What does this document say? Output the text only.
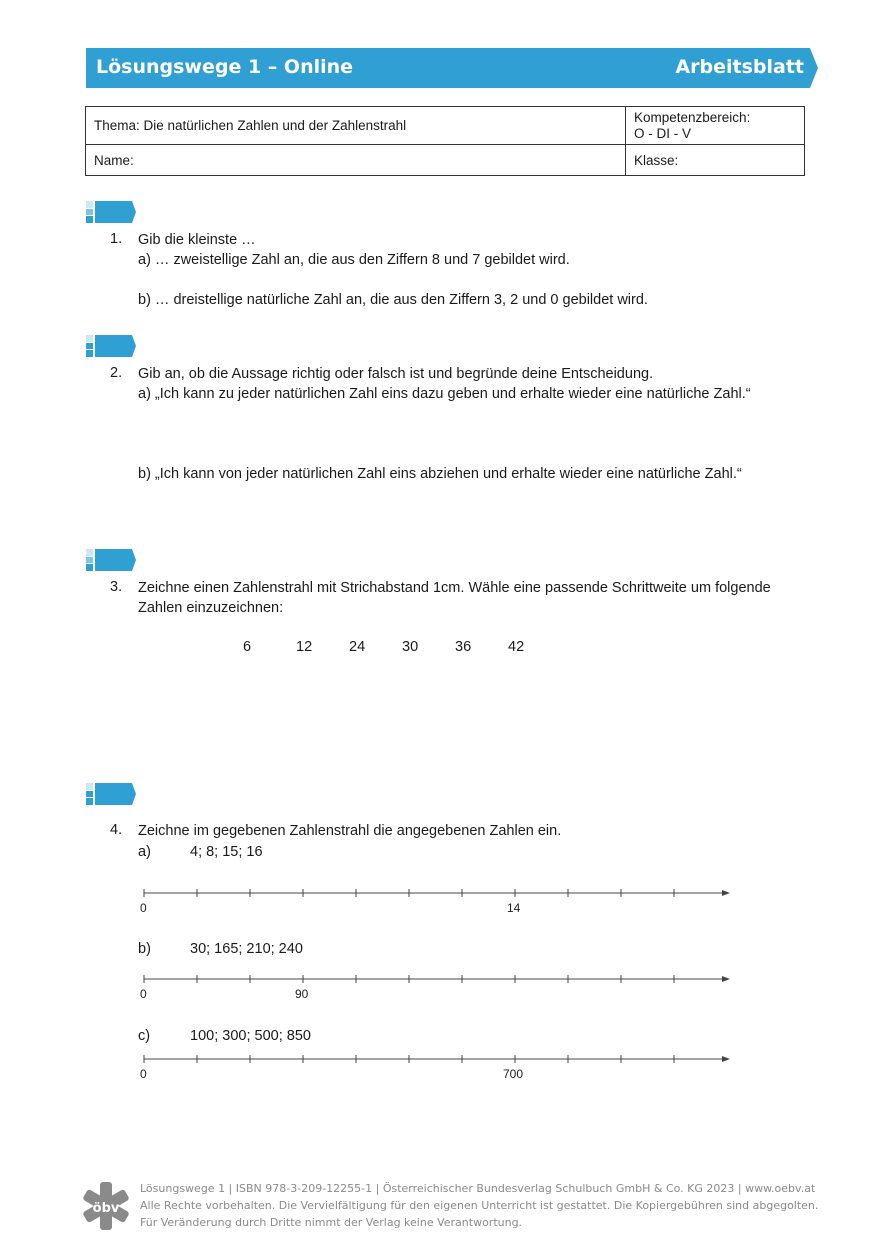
Lösungswege 1 – Online	Arbeitsblatt
Thema: Die natürlichen Zahlen und der Zahlenstrahl	Kompetenzbereich:
O - DI - V

Name:	Klasse:
1. Gib die kleinste …
a) … zweistellige Zahl an, die aus den Ziffern 8 und 7 gebildet wird.
b) … dreistellige natürliche Zahl an, die aus den Ziffern 3, 2 und 0 gebildet wird.
2. Gib an, ob die Aussage richtig oder falsch ist und begründe deine Entscheidung.
a) „Ich kann zu jeder natürlichen Zahl eins dazu geben und erhalte wieder eine natürliche Zahl.“
b) „Ich kann von jeder natürlichen Zahl eins abziehen und erhalte wieder eine natürliche Zahl.“
3. Zeichne einen Zahlenstrahl mit Strichabstand 1cm. Wähle eine passende Schrittweite um folgende
Zahlen einzuzeichnen:
6	12	24	30	36	42
4. Zeichne im gegebenen Zahlenstrahl die angegebenen Zahlen ein.
a)	4; 8; 15; 16
0	14
b)	30; 165; 210; 240
0	90
c)	100; 300; 500; 850
0	700
öbv
Lösungswege 1 | ISBN 978-3-209-12255-1 | Österreichischer Bundesverlag Schulbuch GmbH & Co. KG 2023 | www.oebv.at
Alle Rechte vorbehalten. Die Vervielfältigung für den eigenen Unterricht ist gestattet. Die Kopiergebühren sind abgegolten.
Für Veränderung durch Dritte nimmt der Verlag keine Verantwortung.
